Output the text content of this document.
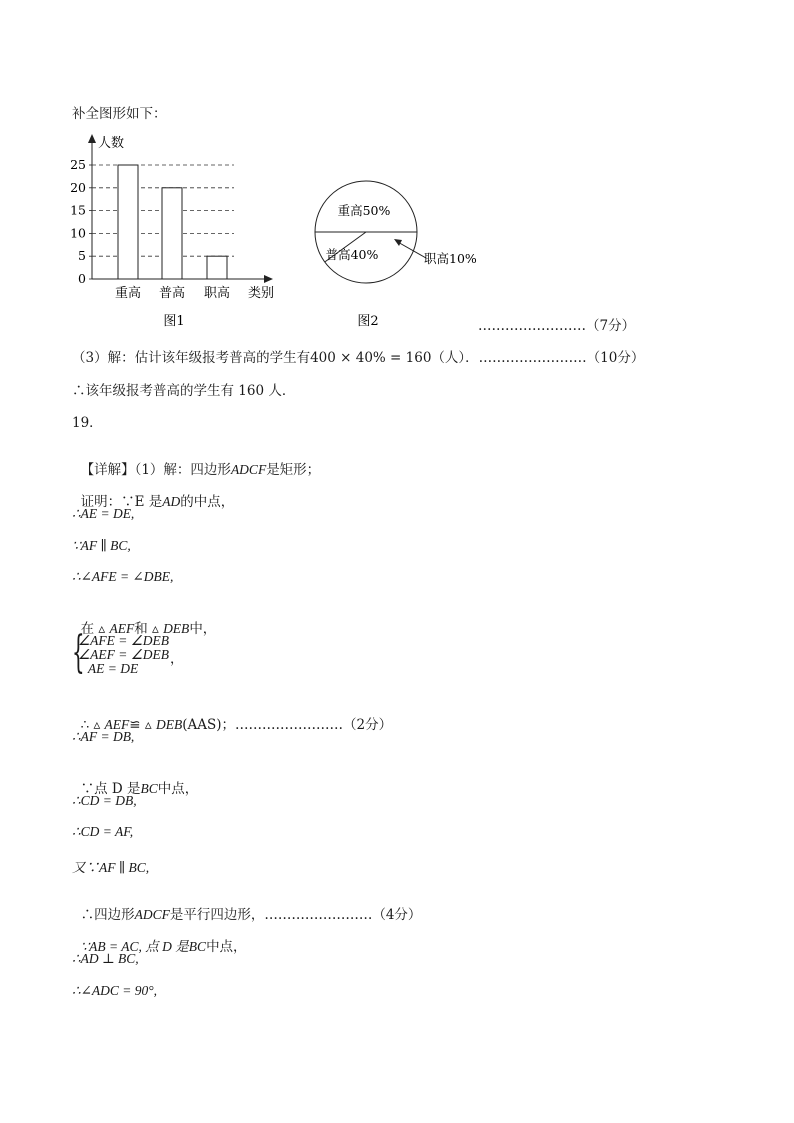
补全图形如下：
人数
0
5
10
15
20
25
重高 普高 职高 类别
图1
重高50%
普高40%	职高10%
图2	……………………（7分）
（3）解：估计该年级报考普高的学生有400 × 40% = 160（人）．……………………（10分）
∴该年级报考普高的学生有 160 人．
19．

【详解】（1）解：四边形ADCF是矩形；

证明：∵E 是AD的中点，

∴AE = DE,
∵AF ∥ BC,
∴∠AFE = ∠DBE,

在 ▵ AEF和 ▵ DEB中，

{
∠AFE = ∠DEB
∠AEF = ∠DEB
AE = DE
，

∴ ▵ AEF≌ ▵ DEB(AAS)；……………………（2分）

∴AF = DB,

∵点 D 是BC中点，

∴CD = DB,
∴CD = AF,
又∵AF ∥ BC,

∴四边形ADCF是平行四边形，……………………（4分）

∵AB = AC, 点 D 是BC中点，

∴AD ⊥ BC,
∴∠ADC = 90°,
